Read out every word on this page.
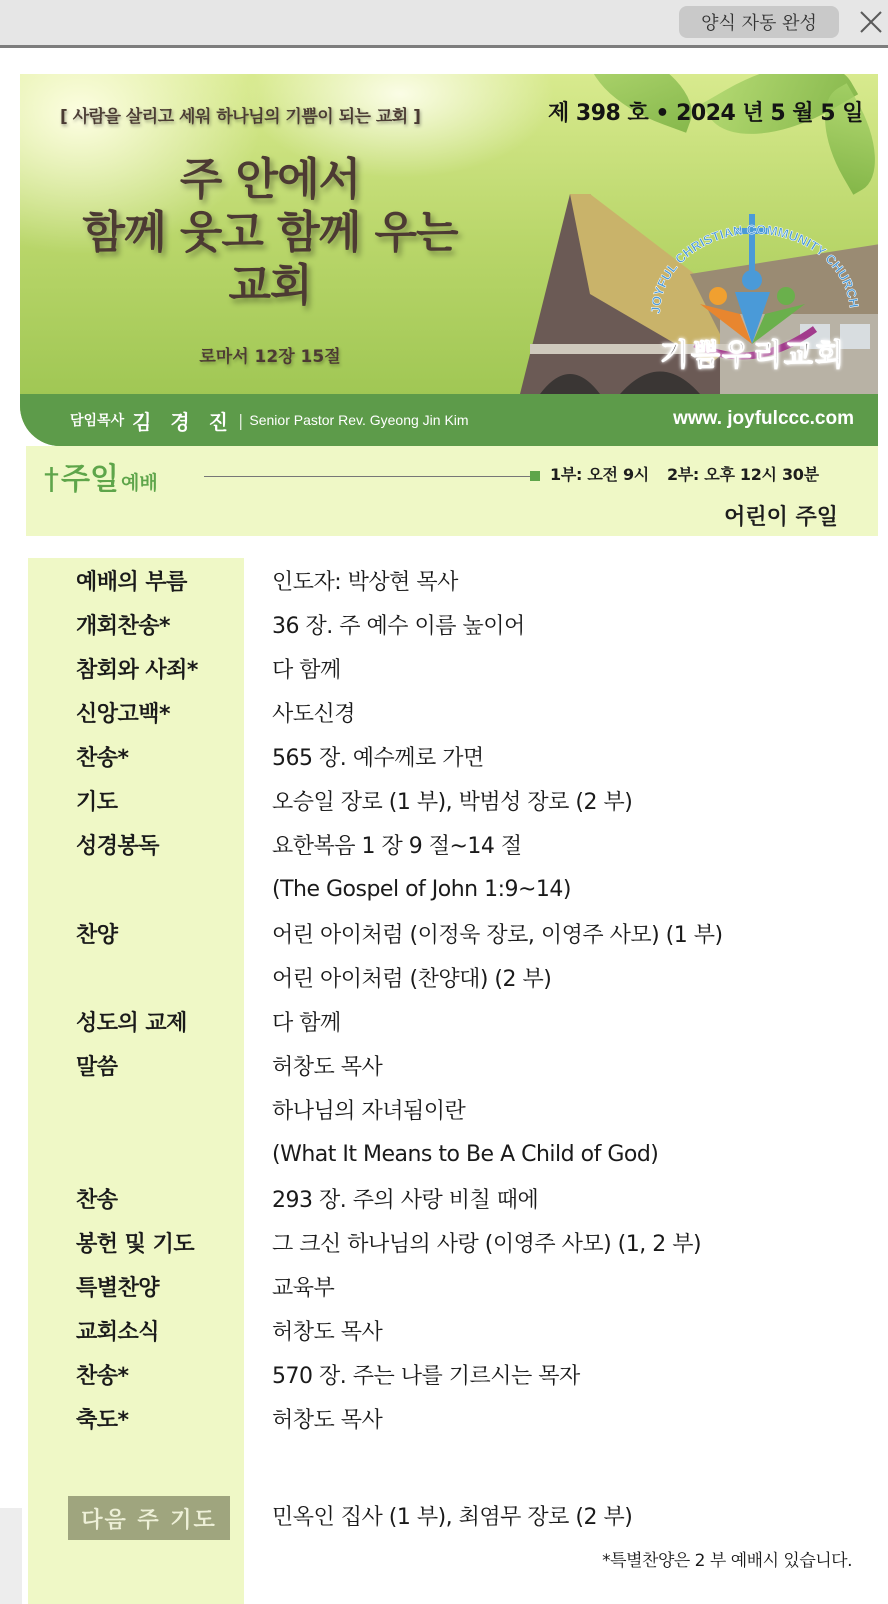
양식 자동 완성
[ 사람을 살리고 세워 하나님의 기쁨이 되는 교회 ]	제 398 호 • 2024 년 5 월 5 일
주 안에서
함께 웃고 함께 우는
교회
로마서 12장 15절
JOYFUL CHRISTIAN COMMUNITY CHURCH
기쁨우리교회
담임목사 김 경 진 | Senior Pastor Rev. Gyeong Jin Kim	www. joyfulccc.com
† 주일 예배	1부: 오전 9시 2부: 오후 12시 30분
어린이 주일
예배의 부름	인도자: 박상현 목사
개회찬송*	36 장. 주 예수 이름 높이어
참회와 사죄*	다 함께
신앙고백*	사도신경
찬송*	565 장. 예수께로 가면
기도	오승일 장로 (1 부), 박범성 장로 (2 부)
성경봉독	요한복음 1 장 9 절~14 절
(The Gospel of John 1:9~14)
찬양	어린 아이처럼 (이정욱 장로, 이영주 사모) (1 부)
어린 아이처럼 (찬양대) (2 부)
성도의 교제	다 함께
말씀	허창도 목사
하나님의 자녀됨이란
(What It Means to Be A Child of God)
찬송	293 장. 주의 사랑 비칠 때에
봉헌 및 기도	그 크신 하나님의 사랑 (이영주 사모) (1, 2 부)
특별찬양	교육부
교회소식	허창도 목사
찬송*	570 장. 주는 나를 기르시는 목자
축도*	허창도 목사
다음 주 기도	민옥인 집사 (1 부), 최염무 장로 (2 부)
*특별찬양은 2 부 예배시 있습니다.
